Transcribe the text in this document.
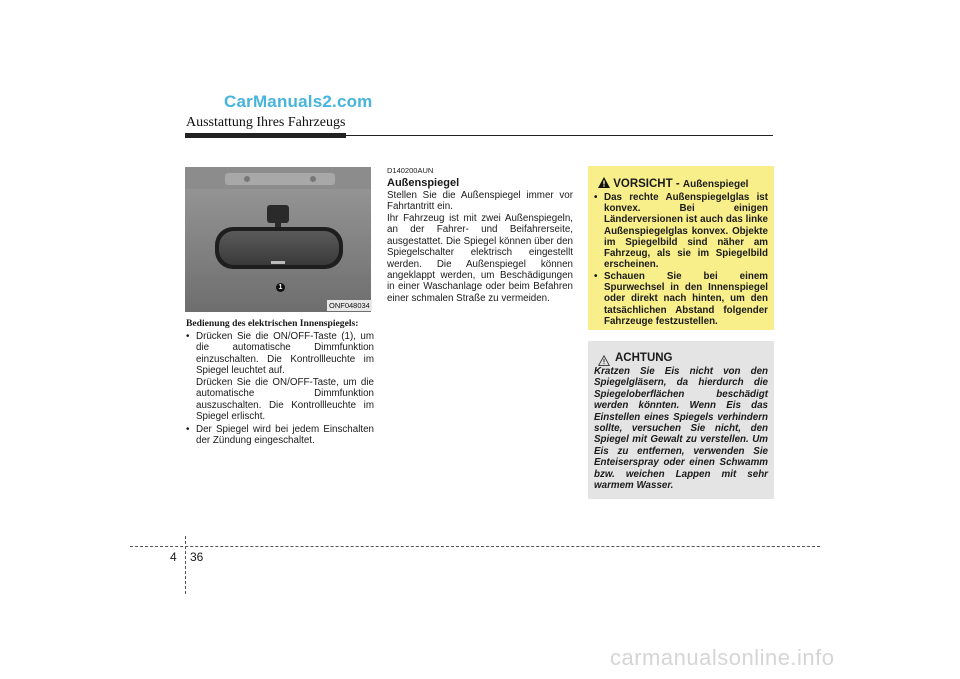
CarManuals2.com
Ausstattung Ihres Fahrzeugs
1
ONF048034
Bedienung des elektrischen Innenspiegels:
• Drücken Sie die ON/OFF-Taste (1), um die automatische Dimmfunktion einzuschalten. Die Kontrollleuchte im Spiegel leuchtet auf.
Drücken Sie die ON/OFF-Taste, um die automatische Dimmfunktion auszuschalten. Die Kontrollleuchte im Spiegel erlischt.
• Der Spiegel wird bei jedem Einschalten der Zündung eingeschaltet.
D140200AUN
Außenspiegel
Stellen Sie die Außenspiegel immer vor Fahrtantritt ein.
Ihr Fahrzeug ist mit zwei Außenspiegeln, an der Fahrer- und Beifahrerseite, ausgestattet. Die Spiegel können über den Spiegelschalter elektrisch eingestellt werden. Die Außenspiegel können angeklappt werden, um Beschädigungen in einer Waschanlage oder beim Befahren einer schmalen Straße zu vermeiden.
VORSICHT - Außenspiegel
• Das rechte Außenspiegelglas ist konvex. Bei einigen Länderversionen ist auch das linke Außenspiegelglas konvex. Objekte im Spiegelbild sind näher am Fahrzeug, als sie im Spiegelbild erscheinen.
• Schauen Sie bei einem Spurwechsel in den Innenspiegel oder direkt nach hinten, um den tatsächlichen Abstand folgender Fahrzeuge festzustellen.
ACHTUNG
Kratzen Sie Eis nicht von den Spiegelgläsern, da hierdurch die Spiegeloberflächen beschädigt werden könnten. Wenn Eis das Einstellen eines Spiegels verhindern sollte, versuchen Sie nicht, den Spiegel mit Gewalt zu verstellen. Um Eis zu entfernen, verwenden Sie Enteiserspray oder einen Schwamm bzw. weichen Lappen mit sehr warmem Wasser.
4 36
carmanualsonline.info
